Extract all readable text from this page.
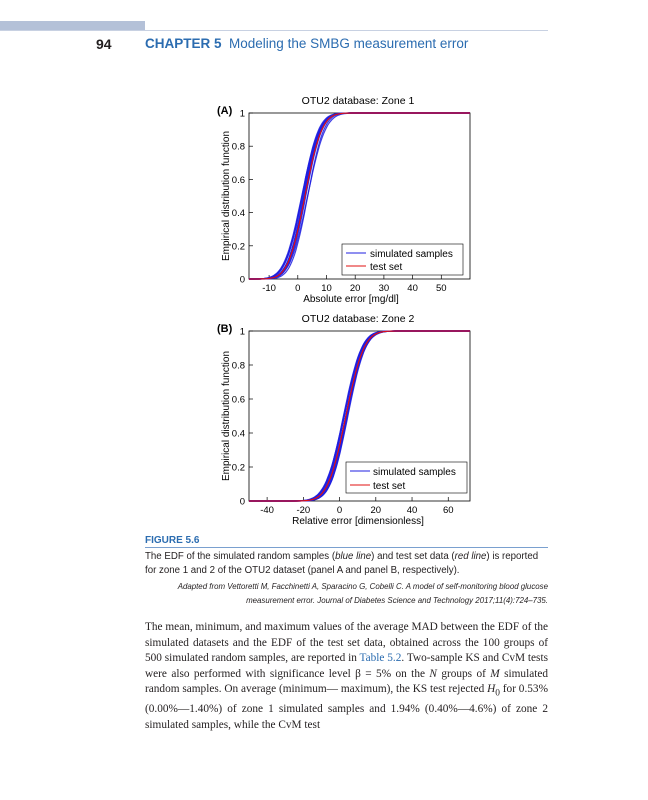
94 CHAPTER 5 Modeling the SMBG measurement error
OTU2 database: Zone 1
(A)
0
0.2
0.4
0.6
0.8
1
-10 0 10 20 30 40 50
Empirical distribution function
Absolute error [mg/dl]
simulated samples
test set
OTU2 database: Zone 2
(B)
0
0.2
0.4
0.6
0.8
1
-40 -20	0	20	40	60
Empirical distribution function
Relative error [dimensionless]
simulated samples
test set
FIGURE 5.6
The EDF of the simulated random samples (blue line) and test set data (red line) is reported for zone 1 and 2 of the OTU2 dataset (panel A and panel B, respectively).
Adapted from Vettoretti M, Facchinetti A, Sparacino G, Cobelli C. A model of self-monitoring blood glucose measurement error. Journal of Diabetes Science and Technology 2017;11(4):724–735.
The mean, minimum, and maximum values of the average MAD between the EDF of the simulated datasets and the EDF of the test set data, obtained across the 100 groups of 500 simulated random samples, are reported in Table 5.2. Two-sample KS and CvM tests were also performed with significance level β = 5% on the N groups of M simulated random samples. On average (minimum— maximum), the KS test rejected $H_0$ for 0.53% (0.00%—1.40%) of zone 1 simulated samples and 1.94% (0.40%—4.6%) of zone 2 simulated samples, while the CvM test
